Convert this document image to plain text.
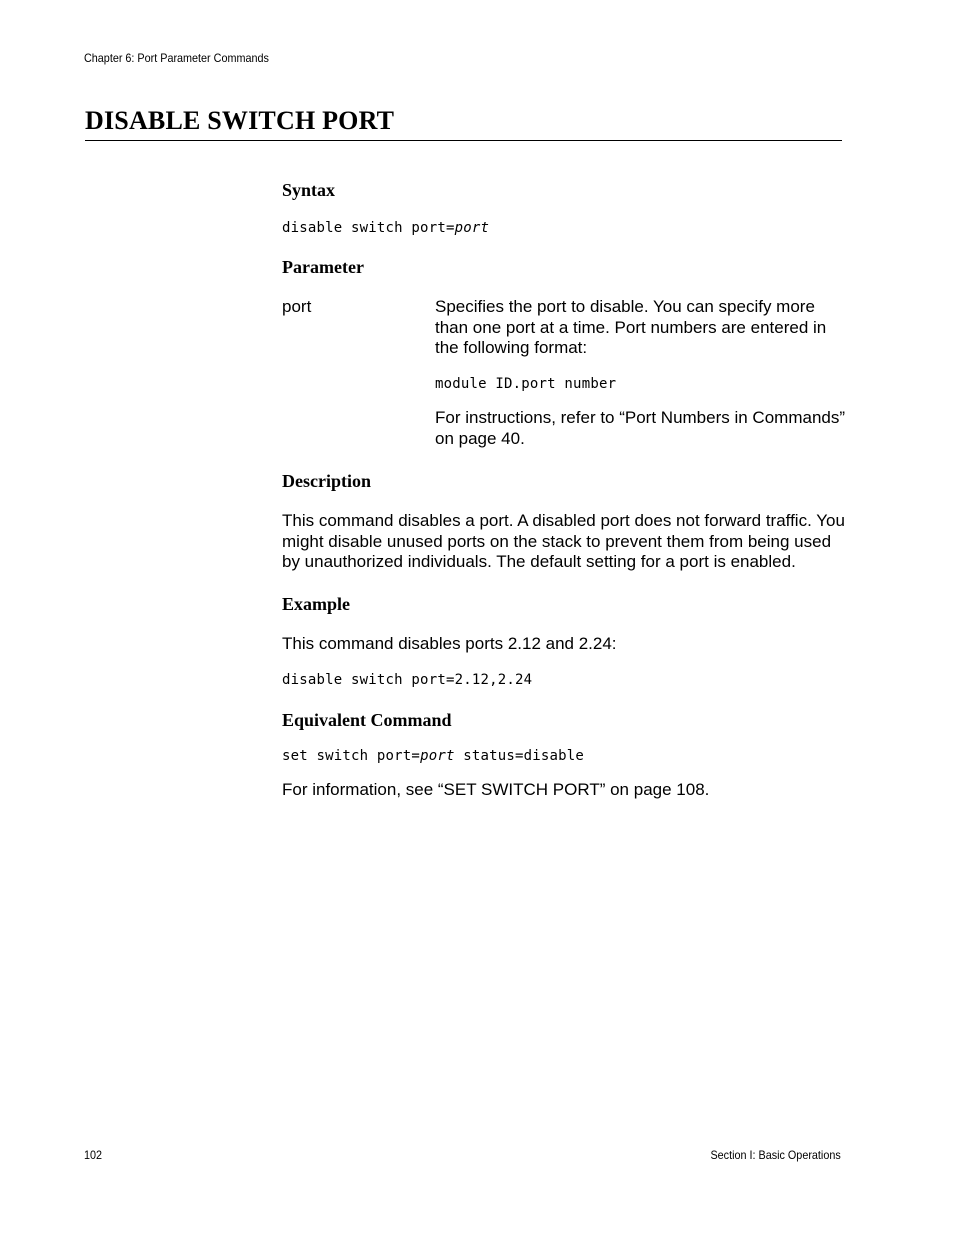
Chapter 6: Port Parameter Commands
DISABLE SWITCH PORT
Syntax
disable switch port=port
Parameter

port	Specifies the port to disable. You can specify more than one port at a time. Port numbers are entered in the following format:

module ID.port number

For instructions, refer to “Port Numbers in Commands” on page 40.

Description

This command disables a port. A disabled port does not forward traffic. You might disable unused ports on the stack to prevent them from being used by unauthorized individuals. The default setting for a port is enabled.

Example

This command disables ports 2.12 and 2.24:

disable switch port=2.12,2.24
Equivalent Command
set switch port=port status=disable

For information, see “SET SWITCH PORT” on page 108.

102	Section I: Basic Operations
